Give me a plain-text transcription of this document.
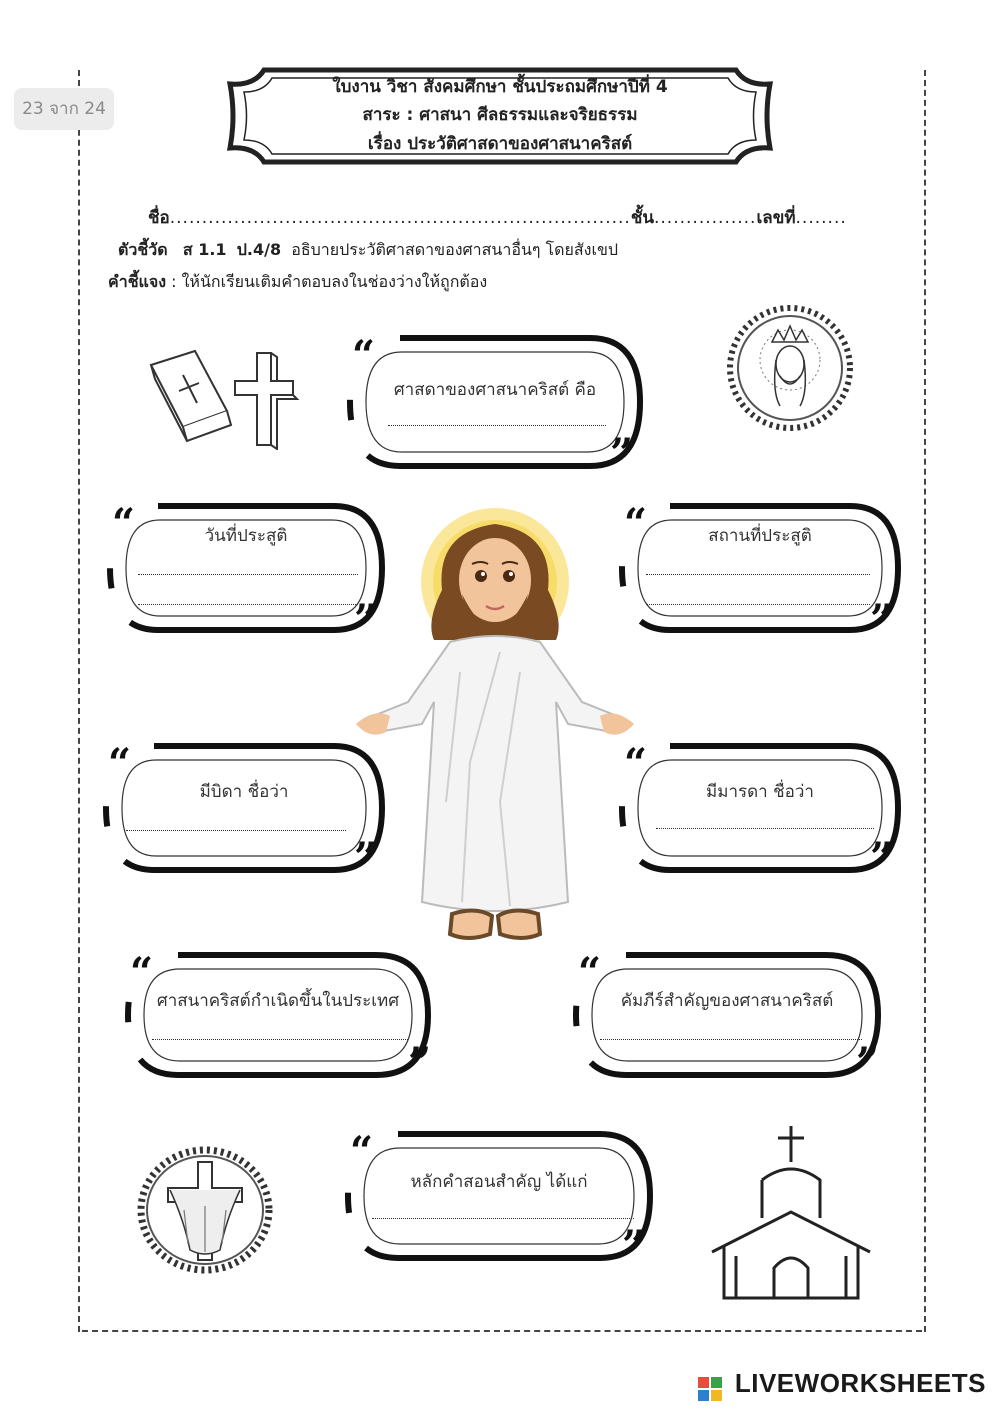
23 จาก 24
ใบงาน วิชา สังคมศึกษา ชั้นประถมศึกษาปีที่ 4
สาระ : ศาสนา ศีลธรรมและจริยธรรม
เรื่อง ประวัติศาสดาของศาสนาคริสต์
ชื่อ........................................................................ชั้น................เลขที่........
ตัวชี้วัด ส 1.1 ป.4/8 อธิบายประวัติศาสดาของศาสนาอื่นๆ โดยสังเขป
คำชี้แจง : ให้นักเรียนเติมคำตอบลงในช่องว่างให้ถูกต้อง
“
ศาสดาของศาสนาคริสต์ คือ
”
“	วันที่ประสูติ
”
“	สถานที่ประสูติ
”
“
มีบิดา ชื่อว่า
”
“
มีมารดา ชื่อว่า
”
“
ศาสนาคริสต์กำเนิดขึ้นในประเทศ
”
“
คัมภีร์สำคัญของศาสนาคริสต์
”
“
หลักคำสอนสำคัญ ได้แก่
”
LIVEWORKSHEETS
